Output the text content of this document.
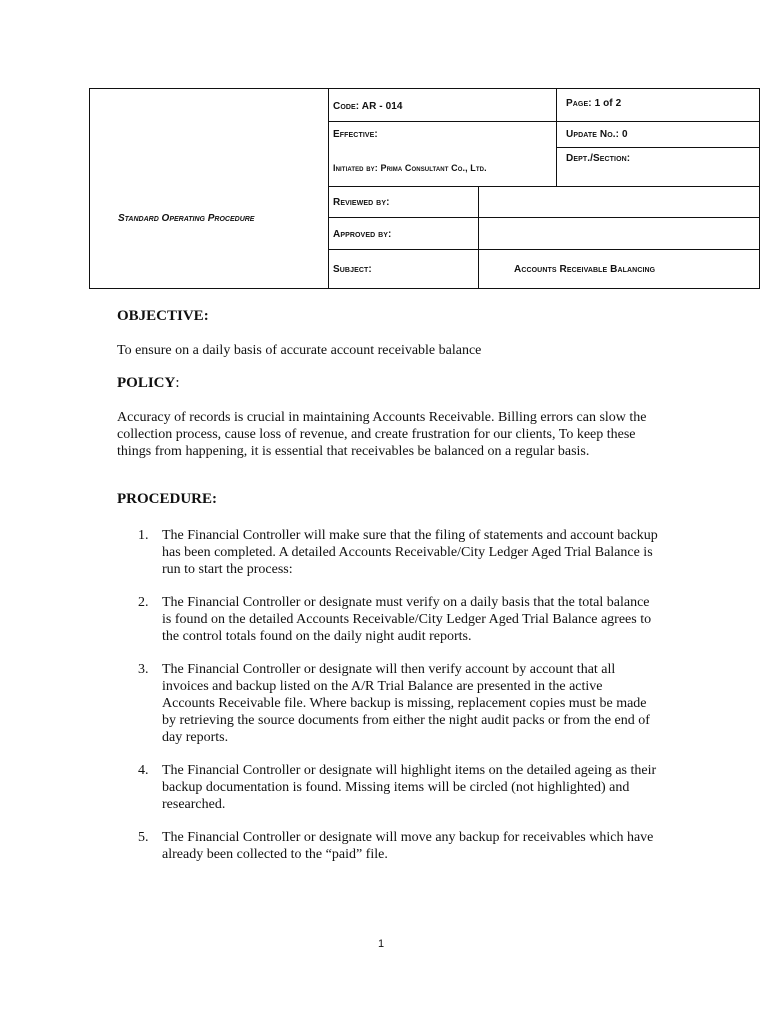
Standard Operating Procedure
Code: AR - 014	Page: 1 of 2
Effective:	Update No.: 0
Dept./Section:
Initiated by: Prima Consultant Co., Ltd.
Reviewed by:
Approved by:
Subject:	Accounts Receivable Balancing
OBJECTIVE:
To ensure on a daily basis of accurate account receivable balance
POLICY:
Accuracy of records is crucial in maintaining Accounts Receivable. Billing errors can slow the collection process, cause loss of revenue, and create frustration for our clients, To keep these things from happening, it is essential that receivables be balanced on a regular basis.
PROCEDURE:
1. The Financial Controller will make sure that the filing of statements and account backup has been completed. A detailed Accounts Receivable/City Ledger Aged Trial Balance is run to start the process:
2. The Financial Controller or designate must verify on a daily basis that the total balance is found on the detailed Accounts Receivable/City Ledger Aged Trial Balance agrees to the control totals found on the daily night audit reports.
3. The Financial Controller or designate will then verify account by account that all invoices and backup listed on the A/R Trial Balance are presented in the active Accounts Receivable file. Where backup is missing, replacement copies must be made by retrieving the source documents from either the night audit packs or from the end of day reports.
4. The Financial Controller or designate will highlight items on the detailed ageing as their backup documentation is found. Missing items will be circled (not highlighted) and researched.
5. The Financial Controller or designate will move any backup for receivables which have already been collected to the “paid” file.
1
